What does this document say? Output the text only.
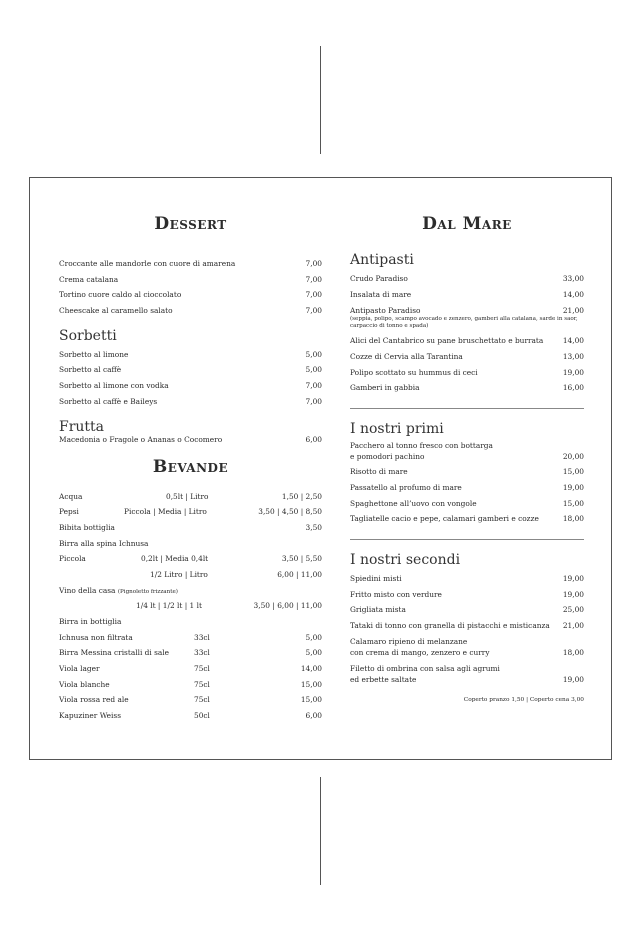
Dessert
Croccante alle mandorle con cuore di amarena	7,00
Crema catalana	7,00
Tortino cuore caldo al cioccolato	7,00
Cheescake al caramello salato	7,00
Sorbetti
Sorbetto al limone	5,00
Sorbetto al caffè	5,00
Sorbetto al limone con vodka	7,00
Sorbetto al caffè e Baileys	7,00
Frutta
Macedonia o Fragole o Ananas o Cocomero	6,00
Bevande
Acqua	0,5lt | Litro	1,50 | 2,50
Pepsi	Piccola | Media | Litro	3,50 | 4,50 | 8,50
Bibita bottiglia	3,50
Birra alla spina Ichnusa
Piccola	0,2lt | Media 0,4lt	3,50 | 5,50
1/2 Litro | Litro	6,00 | 11,00
Vino della casa (Pignoletto frizzante)
1/4 lt | 1/2 lt | 1 lt	3,50 | 6,00 | 11,00
Birra in bottiglia
Ichnusa non filtrata	33cl	5,00
Birra Messina cristalli di sale	33cl	5,00
Viola lager	75cl	14,00
Viola blanche	75cl	15,00
Viola rossa red ale	75cl	15,00
Kapuziner Weiss	50cl	6,00
Dal Mare
Antipasti
Crudo Paradiso	33,00
Insalata di mare	14,00
Antipasto Paradiso
(seppia, polipo, scampo avocado e zenzero, gamberi alla catalana, sarde in saor, carpaccio di tonno e spada)
21,00
Alici del Cantabrico su pane bruschettato e burrata	14,00
Cozze di Cervia alla Tarantina	13,00
Polipo scottato su hummus di ceci	19,00
Gamberi in gabbia	16,00
I nostri primi
Pacchero al tonno fresco con bottarga
e pomodori pachino	20,00
Risotto di mare	15,00
Passatello al profumo di mare	19,00
Spaghettone all’uovo con vongole	15,00
Tagliatelle cacio e pepe, calamari gamberi e cozze	18,00
I nostri secondi
Spiedini misti	19,00
Fritto misto con verdure	19,00
Grigliata mista	25,00
Tataki di tonno con granella di pistacchi e misticanza 21,00
Calamaro ripieno di melanzane
con crema di mango, zenzero e curry	18,00
Filetto di ombrina con salsa agli agrumi
ed erbette saltate	19,00
Coperto pranzo 1,50 | Coperto cena 3,00
